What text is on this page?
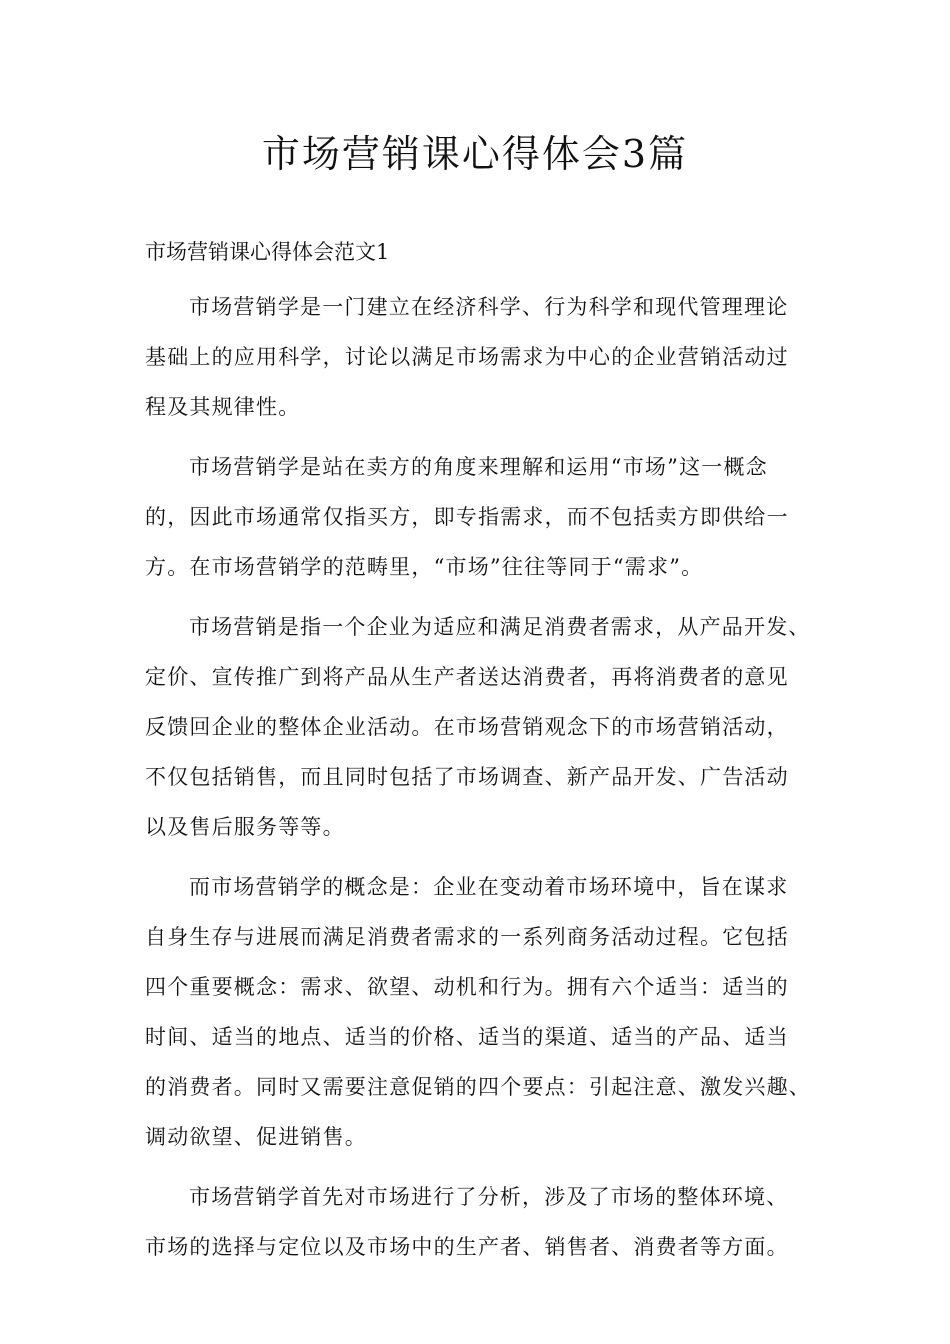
市场营销课心得体会3篇
市场营销课心得体会范文1
市场营销学是一门建立在经济科学、行为科学和现代管理理论
基础上的应用科学，讨论以满足市场需求为中心的企业营销活动过
程及其规律性。
市场营销学是站在卖方的角度来理解和运用“市场”这一概念
的，因此市场通常仅指买方，即专指需求，而不包括卖方即供给一
方。在市场营销学的范畴里，“市场”往往等同于“需求”。
市场营销是指一个企业为适应和满足消费者需求，从产品开发、
定价、宣传推广到将产品从生产者送达消费者，再将消费者的意见
反馈回企业的整体企业活动。在市场营销观念下的市场营销活动，
不仅包括销售，而且同时包括了市场调查、新产品开发、广告活动
以及售后服务等等。
而市场营销学的概念是：企业在变动着市场环境中，旨在谋求
自身生存与进展而满足消费者需求的一系列商务活动过程。它包括
四个重要概念：需求、欲望、动机和行为。拥有六个适当：适当的
时间、适当的地点、适当的价格、适当的渠道、适当的产品、适当
的消费者。同时又需要注意促销的四个要点：引起注意、激发兴趣、
调动欲望、促进销售。
市场营销学首先对市场进行了分析，涉及了市场的整体环境、
市场的选择与定位以及市场中的生产者、销售者、消费者等方面。
